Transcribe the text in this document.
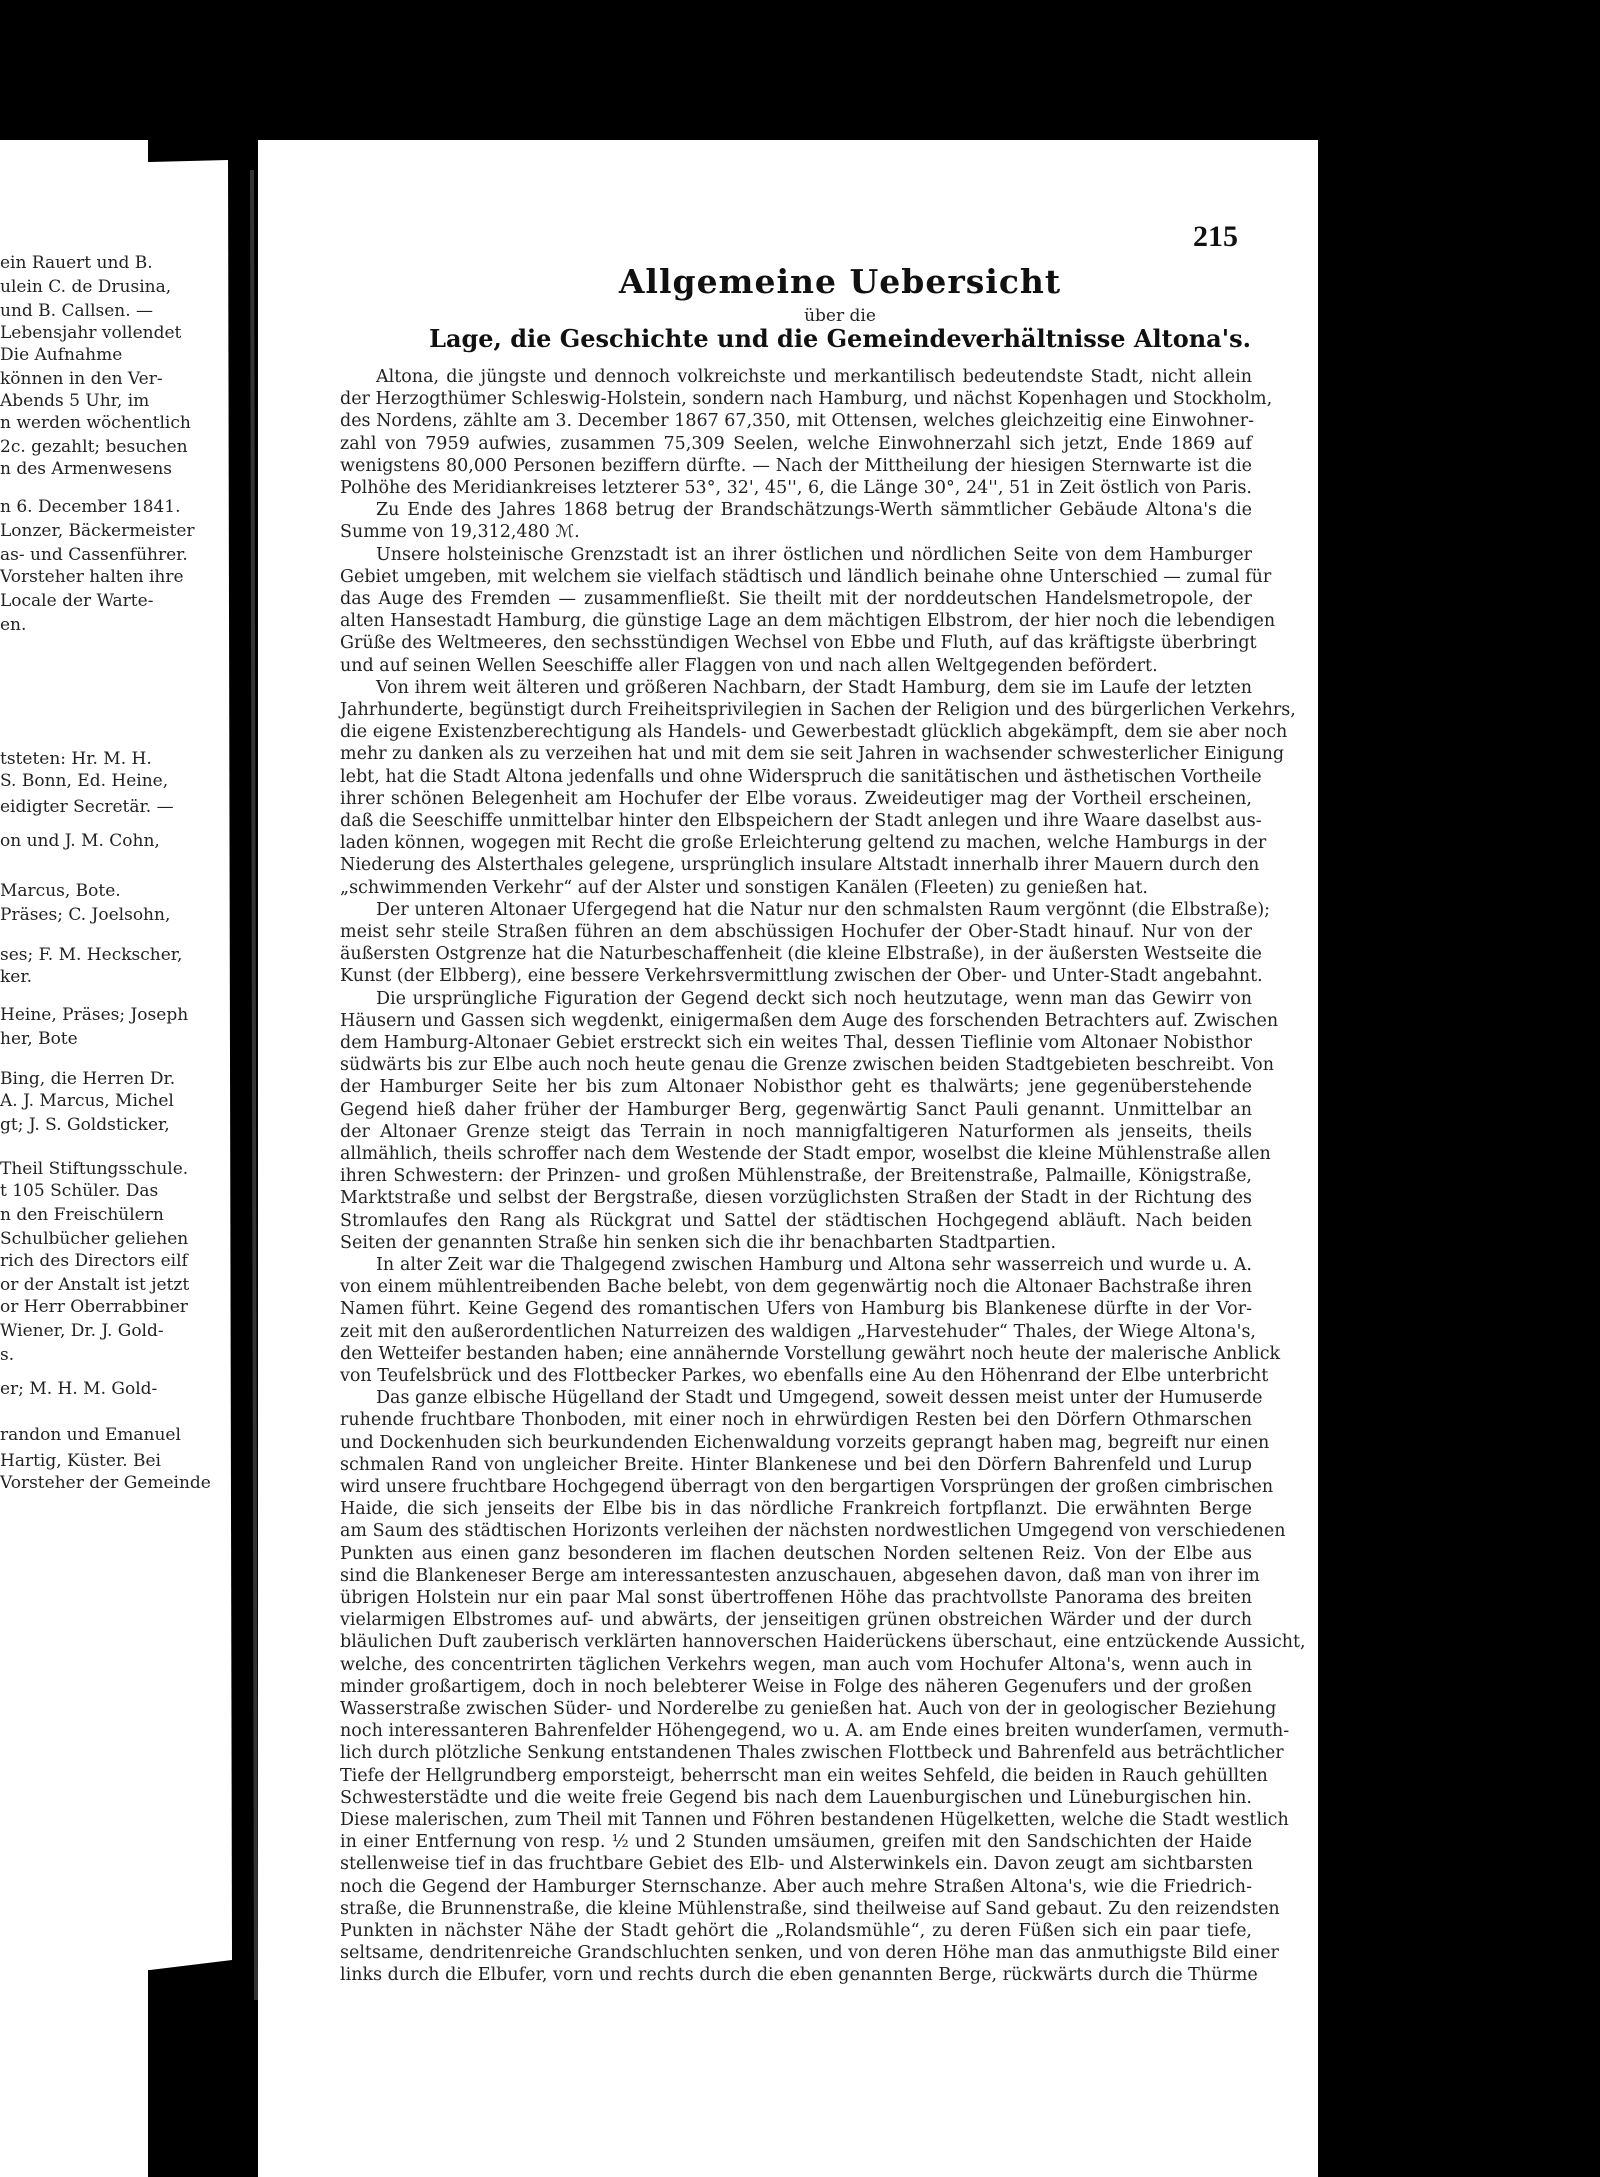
ein Rauert und B.
ulein C. de Drusina,
und B. Callsen. —
Lebensjahr vollendet
Die Aufnahme
können in den Ver-
Abends 5 Uhr, im
n werden wöchentlich
2c. gezahlt; besuchen
n des Armenwesens
n 6. December 1841.
Lonzer, Bäckermeister
as- und Cassenführer.
Vorsteher halten ihre
Locale der Warte-
en.
tsteten: Hr. M. H.
S. Bonn, Ed. Heine,
eidigter Secretär. —
on und J. M. Cohn,
Marcus, Bote.
Präses; C. Joelsohn,
ses; F. M. Heckscher,
ker.
Heine, Präses; Joseph
her, Bote
Bing, die Herren Dr.
A. J. Marcus, Michel
gt; J. S. Goldsticker,
Theil Stiftungsschule.
t 105 Schüler. Das
n den Freischülern
Schulbücher geliehen
rich des Directors eilf
or der Anstalt ist jetzt
or Herr Oberrabbiner
Wiener, Dr. J. Gold-
s.
er; M. H. M. Gold-
randon und Emanuel
Hartig, Küster. Bei
Vorsteher der Gemeinde
215
Allgemeine Uebersicht
über die
Lage, die Geschichte und die Gemeindeverhältnisse Altona's.
Altona, die jüngste und dennoch volkreichste und merkantilisch bedeutendste Stadt, nicht allein
der Herzogthümer Schleswig-Holstein, sondern nach Hamburg, und nächst Kopenhagen und Stockholm,
des Nordens, zählte am 3. December 1867 67,350, mit Ottensen, welches gleichzeitig eine Einwohner-
zahl von 7959 aufwies, zusammen 75,309 Seelen, welche Einwohnerzahl sich jetzt, Ende 1869 auf
wenigstens 80,000 Personen beziffern dürfte. — Nach der Mittheilung der hiesigen Sternwarte ist die
Polhöhe des Meridiankreises letzterer 53°, 32', 45'', 6, die Länge 30°, 24'', 51 in Zeit östlich von Paris.
Zu Ende des Jahres 1868 betrug der Brandschätzungs-Werth sämmtlicher Gebäude Altona's die
Summe von 19,312,480 ℳ.
Unsere holsteinische Grenzstadt ist an ihrer östlichen und nördlichen Seite von dem Hamburger
Gebiet umgeben, mit welchem sie vielfach städtisch und ländlich beinahe ohne Unterschied — zumal für
das Auge des Fremden — zusammenfließt. Sie theilt mit der norddeutschen Handelsmetropole, der
alten Hansestadt Hamburg, die günstige Lage an dem mächtigen Elbstrom, der hier noch die lebendigen
Grüße des Weltmeeres, den sechsstündigen Wechsel von Ebbe und Fluth, auf das kräftigste überbringt
und auf seinen Wellen Seeschiffe aller Flaggen von und nach allen Weltgegenden befördert.
Von ihrem weit älteren und größeren Nachbarn, der Stadt Hamburg, dem sie im Laufe der letzten
Jahrhunderte, begünstigt durch Freiheitsprivilegien in Sachen der Religion und des bürgerlichen Verkehrs,
die eigene Existenzberechtigung als Handels- und Gewerbestadt glücklich abgekämpft, dem sie aber noch
mehr zu danken als zu verzeihen hat und mit dem sie seit Jahren in wachsender schwesterlicher Einigung
lebt, hat die Stadt Altona jedenfalls und ohne Widerspruch die sanitätischen und ästhetischen Vortheile
ihrer schönen Belegenheit am Hochufer der Elbe voraus. Zweideutiger mag der Vortheil erscheinen,
daß die Seeschiffe unmittelbar hinter den Elbspeichern der Stadt anlegen und ihre Waare daselbst aus-
laden können, wogegen mit Recht die große Erleichterung geltend zu machen, welche Hamburgs in der
Niederung des Alsterthales gelegene, ursprünglich insulare Altstadt innerhalb ihrer Mauern durch den
„schwimmenden Verkehr“ auf der Alster und sonstigen Kanälen (Fleeten) zu genießen hat.
Der unteren Altonaer Ufergegend hat die Natur nur den schmalsten Raum vergönnt (die Elbstraße);
meist sehr steile Straßen führen an dem abschüssigen Hochufer der Ober-Stadt hinauf. Nur von der
äußersten Ostgrenze hat die Naturbeschaffenheit (die kleine Elbstraße), in der äußersten Westseite die
Kunst (der Elbberg), eine bessere Verkehrsvermittlung zwischen der Ober- und Unter-Stadt angebahnt.
Die ursprüngliche Figuration der Gegend deckt sich noch heutzutage, wenn man das Gewirr von
Häusern und Gassen sich wegdenkt, einigermaßen dem Auge des forschenden Betrachters auf. Zwischen
dem Hamburg-Altonaer Gebiet erstreckt sich ein weites Thal, dessen Tieflinie vom Altonaer Nobisthor
südwärts bis zur Elbe auch noch heute genau die Grenze zwischen beiden Stadtgebieten beschreibt. Von
der Hamburger Seite her bis zum Altonaer Nobisthor geht es thalwärts; jene gegenüberstehende
Gegend hieß daher früher der Hamburger Berg, gegenwärtig Sanct Pauli genannt. Unmittelbar an
der Altonaer Grenze steigt das Terrain in noch mannigfaltigeren Naturformen als jenseits, theils
allmählich, theils schroffer nach dem Westende der Stadt empor, woselbst die kleine Mühlenstraße allen
ihren Schwestern: der Prinzen- und großen Mühlenstraße, der Breitenstraße, Palmaille, Königstraße,
Marktstraße und selbst der Bergstraße, diesen vorzüglichsten Straßen der Stadt in der Richtung des
Stromlaufes den Rang als Rückgrat und Sattel der städtischen Hochgegend abläuft. Nach beiden
Seiten der genannten Straße hin senken sich die ihr benachbarten Stadtpartien.
In alter Zeit war die Thalgegend zwischen Hamburg und Altona sehr wasserreich und wurde u. A.
von einem mühlentreibenden Bache belebt, von dem gegenwärtig noch die Altonaer Bachstraße ihren
Namen führt. Keine Gegend des romantischen Ufers von Hamburg bis Blankenese dürfte in der Vor-
zeit mit den außerordentlichen Naturreizen des waldigen „Harvestehuder“ Thales, der Wiege Altona's,
den Wetteifer bestanden haben; eine annähernde Vorstellung gewährt noch heute der malerische Anblick
von Teufelsbrück und des Flottbecker Parkes, wo ebenfalls eine Au den Höhenrand der Elbe unterbricht
Das ganze elbische Hügelland der Stadt und Umgegend, soweit dessen meist unter der Humuserde
ruhende fruchtbare Thonboden, mit einer noch in ehrwürdigen Resten bei den Dörfern Othmarschen
und Dockenhuden sich beurkundenden Eichenwaldung vorzeits geprangt haben mag, begreift nur einen
schmalen Rand von ungleicher Breite. Hinter Blankenese und bei den Dörfern Bahrenfeld und Lurup
wird unsere fruchtbare Hochgegend überragt von den bergartigen Vorsprüngen der großen cimbrischen
Haide, die sich jenseits der Elbe bis in das nördliche Frankreich fortpflanzt. Die erwähnten Berge
am Saum des städtischen Horizonts verleihen der nächsten nordwestlichen Umgegend von verschiedenen
Punkten aus einen ganz besonderen im flachen deutschen Norden seltenen Reiz. Von der Elbe aus
sind die Blankeneser Berge am interessantesten anzuschauen, abgesehen davon, daß man von ihrer im
übrigen Holstein nur ein paar Mal sonst übertroffenen Höhe das prachtvollste Panorama des breiten
vielarmigen Elbstromes auf- und abwärts, der jenseitigen grünen obstreichen Wärder und der durch
bläulichen Duft zauberisch verklärten hannoverschen Haiderückens überschaut, eine entzückende Aussicht,
welche, des concentrirten täglichen Verkehrs wegen, man auch vom Hochufer Altona's, wenn auch in
minder großartigem, doch in noch belebterer Weise in Folge des näheren Gegenufers und der großen
Wasserstraße zwischen Süder- und Norderelbe zu genießen hat. Auch von der in geologischer Beziehung
noch interessanteren Bahrenfelder Höhengegend, wo u. A. am Ende eines breiten wunderſamen, vermuth-
lich durch plötzliche Senkung entstandenen Thales zwischen Flottbeck und Bahrenfeld aus beträchtlicher
Tiefe der Hellgrundberg emporsteigt, beherrscht man ein weites Sehfeld, die beiden in Rauch gehüllten
Schwesterstädte und die weite freie Gegend bis nach dem Lauenburgischen und Lüneburgischen hin.
Diese malerischen, zum Theil mit Tannen und Föhren bestandenen Hügelketten, welche die Stadt westlich
in einer Entfernung von resp. ½ und 2 Stunden umsäumen, greifen mit den Sandschichten der Haide
stellenweise tief in das fruchtbare Gebiet des Elb- und Alsterwinkels ein. Davon zeugt am sichtbarsten
noch die Gegend der Hamburger Sternschanze. Aber auch mehre Straßen Altona's, wie die Friedrich-
straße, die Brunnenstraße, die kleine Mühlenstraße, sind theilweise auf Sand gebaut. Zu den reizendsten
Punkten in nächster Nähe der Stadt gehört die „Rolandsmühle“, zu deren Füßen sich ein paar tiefe,
seltsame, dendritenreiche Grandschluchten senken, und von deren Höhe man das anmuthigste Bild einer
links durch die Elbufer, vorn und rechts durch die eben genannten Berge, rückwärts durch die Thürme
